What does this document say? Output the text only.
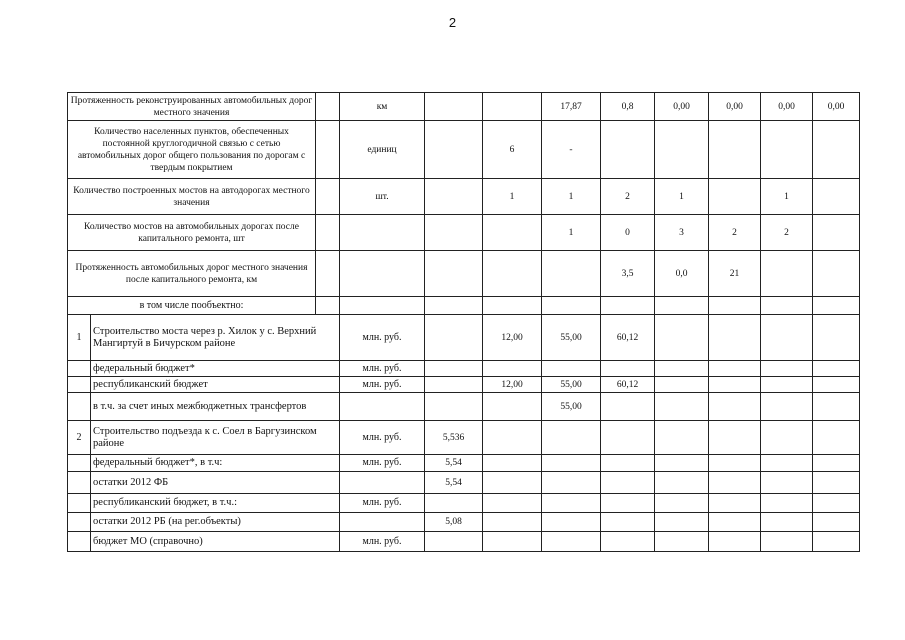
2
Протяженность реконструированных автомобильных дорог местного значения			км			17,87	0,8	0,00	0,00	0,00	0,00
Количество населенных пунктов, обеспеченных постоянной круглогодичной связью с сетью автомобильных дорог общего пользования по дорогам с твердым покрытием			единиц		6	-					
Количество построенных мостов на автодорогах местного значения			шт.		1	1	2	1		1	
Количество мостов на автомобильных дорогах после капитального ремонта, шт						1	0	3	2	2	
Протяженность автомобильных дорог местного значения после капитального ремонта, км							3,5	0,0	21		
в том числе пообъектно:											
1	Строительство моста через р. Хилок у с. Верхний Мангиртуй в Бичурском районе		млн. руб.		12,00	55,00	60,12				
	федеральный бюджет*		млн. руб.								
	республиканский бюджет		млн. руб.		12,00	55,00	60,12				
	в т.ч. за счет иных межбюджетных трансфертов					55,00					
2	Строительство подъезда к с. Соел в Баргузинском районе		млн. руб.	5,536							
	федеральный бюджет*, в т.ч:		млн. руб.	5,54							
	остатки 2012 ФБ			5,54							
	республиканский бюджет, в т.ч.:		млн. руб.								
	остатки 2012 РБ (на рег.объекты)			5,08							
	бюджет МО (справочно)		млн. руб.								
